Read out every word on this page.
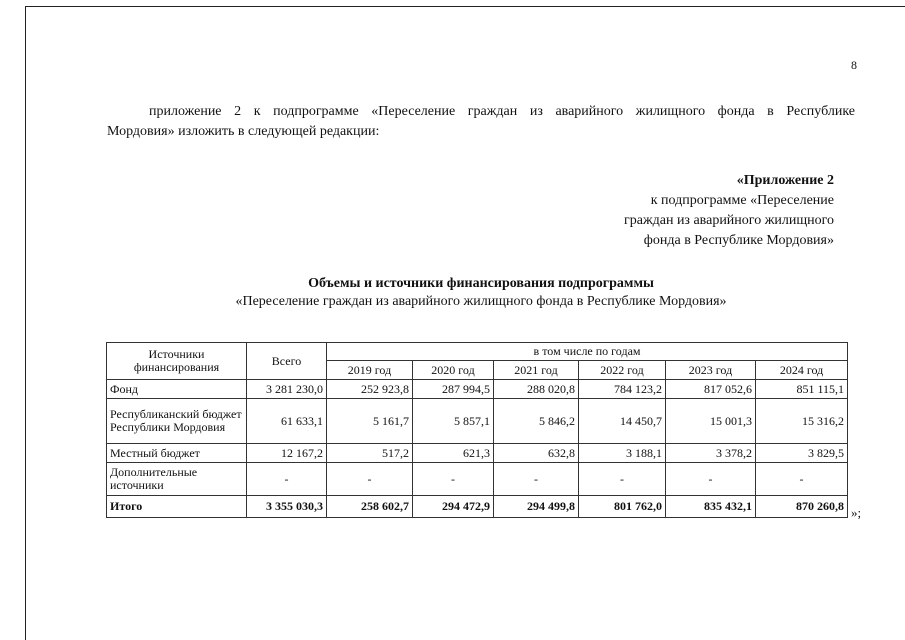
8

приложение 2 к подпрограмме «Переселение граждан из аварийного жилищного фонда в Республике
Мордовия» изложить в следующей редакции:

«Приложение 2
к подпрограмме «Переселение
граждан из аварийного жилищного
фонда в Республике Мордовия»
Объемы и источники финансирования подпрограммы
«Переселение граждан из аварийного жилищного фонда в Республике Мордовия»
Источники финансирования	Всего	в том числе по годам					
		2019 год	2020 год	2021 год	2022 год	2023 год	2024 год
Фонд	3 281 230,0	252 923,8	287 994,5	288 020,8	784 123,2	817 052,6	851 115,1
Республиканский бюджет Республики Мордовия	61 633,1	5 161,7	5 857,1	5 846,2	14 450,7	15 001,3	15 316,2
Местный бюджет	12 167,2	517,2	621,3	632,8	3 188,1	3 378,2	3 829,5
Дополнительные источники	-	-	-	-	-	-	-
Итого	3 355 030,3	258 602,7	294 472,9	294 499,8	801 762,0	835 432,1	870 260,8 »;
